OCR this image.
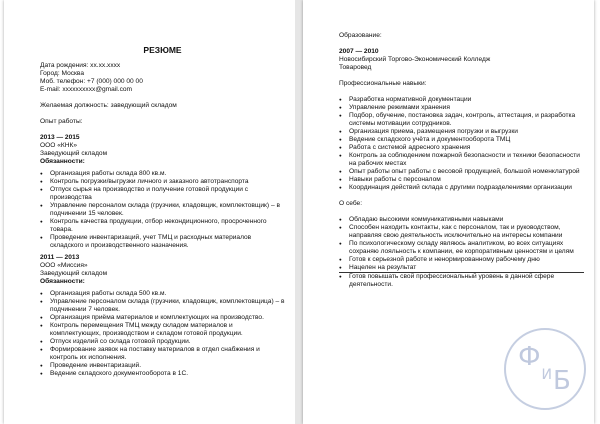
РЕЗЮМЕ
Дата рождения: xx.xx.xxxx
Город: Москва
Моб. телефон: +7 (000) 000 00 00
E-mail: xxxxxxxxxx@gmail.com
Желаемая должность: заведующий складом
Опыт работы:
2013 — 2015
ООО «КНК»
Заведующий складом
Обязанности:
● Организация работы склада 800 кв.м.
● Контроль погрузки/выгрузки личного и заказного автотранспорта
● Отпуск сырья на производство и получение готовой продукции с производства
● Управление персоналом склада (грузчики, кладовщик, комплектовщик) – в подчинении 15 человек.
● Контроль качества продукции, отбор некондиционного, просроченного товара.
● Проведение инвентаризаций, учет ТМЦ и расходных материалов складского и производственного назначения.
2011 — 2013
ООО «Миссия»
Заведующий складом
Обязанности:
● Организация работы склада 500 кв.м.
● Управление персоналом склада (грузчики, кладовщик, комплектовщица) – в подчинении 7 человек.
● Организация приёма материалов и комплектующих на производство.
● Контроль перемещения ТМЦ между складом материалов и комплектующих, производством и складом готовой продукции.
● Отпуск изделий со склада готовой продукции.
● Формирование заявок на поставку материалов в отдел снабжения и контроль их исполнения.
● Проведение инвентаризаций.
● Ведение складского документооборота в 1С.
Образование:
2007 — 2010
Новосибирский Торгово-Экономический Колледж
Товаровед
Профессиональные навыки:
● Разработка нормативной документации
● Управление режимами хранения
● Подбор, обучение, постановка задач, контроль, аттестация, и разработка системы мотивации сотрудников.
● Организация приема, размещения погрузки и выгрузки
● Ведение складского учёта и документооборота ТМЦ
● Работа с системой адресного хранения
● Контроль за соблюдением пожарной безопасности и техники безопасности на рабочих местах
● Опыт работы опыт работы с весовой продукцией, большой номенклатурой
● Навыки работы с персоналом
● Координация действий склада с другими подразделениями организации
О себе:
● Обладаю высокими коммуникативными навыками
● Способен находить контакты, как с персоналом, так и руководством, направляя свою деятельность исключительно на интересы компании
● По психологическому складу являюсь аналитиком, во всех ситуациях сохраняю лояльность к компании, ее корпоративным ценностям и целям
● Готов к серьезной работе и ненормированному рабочему дню
● Нацелен на результат
● Готов повышать свой профессиональный уровень в данной сфере деятельности.
Ф
И Б
